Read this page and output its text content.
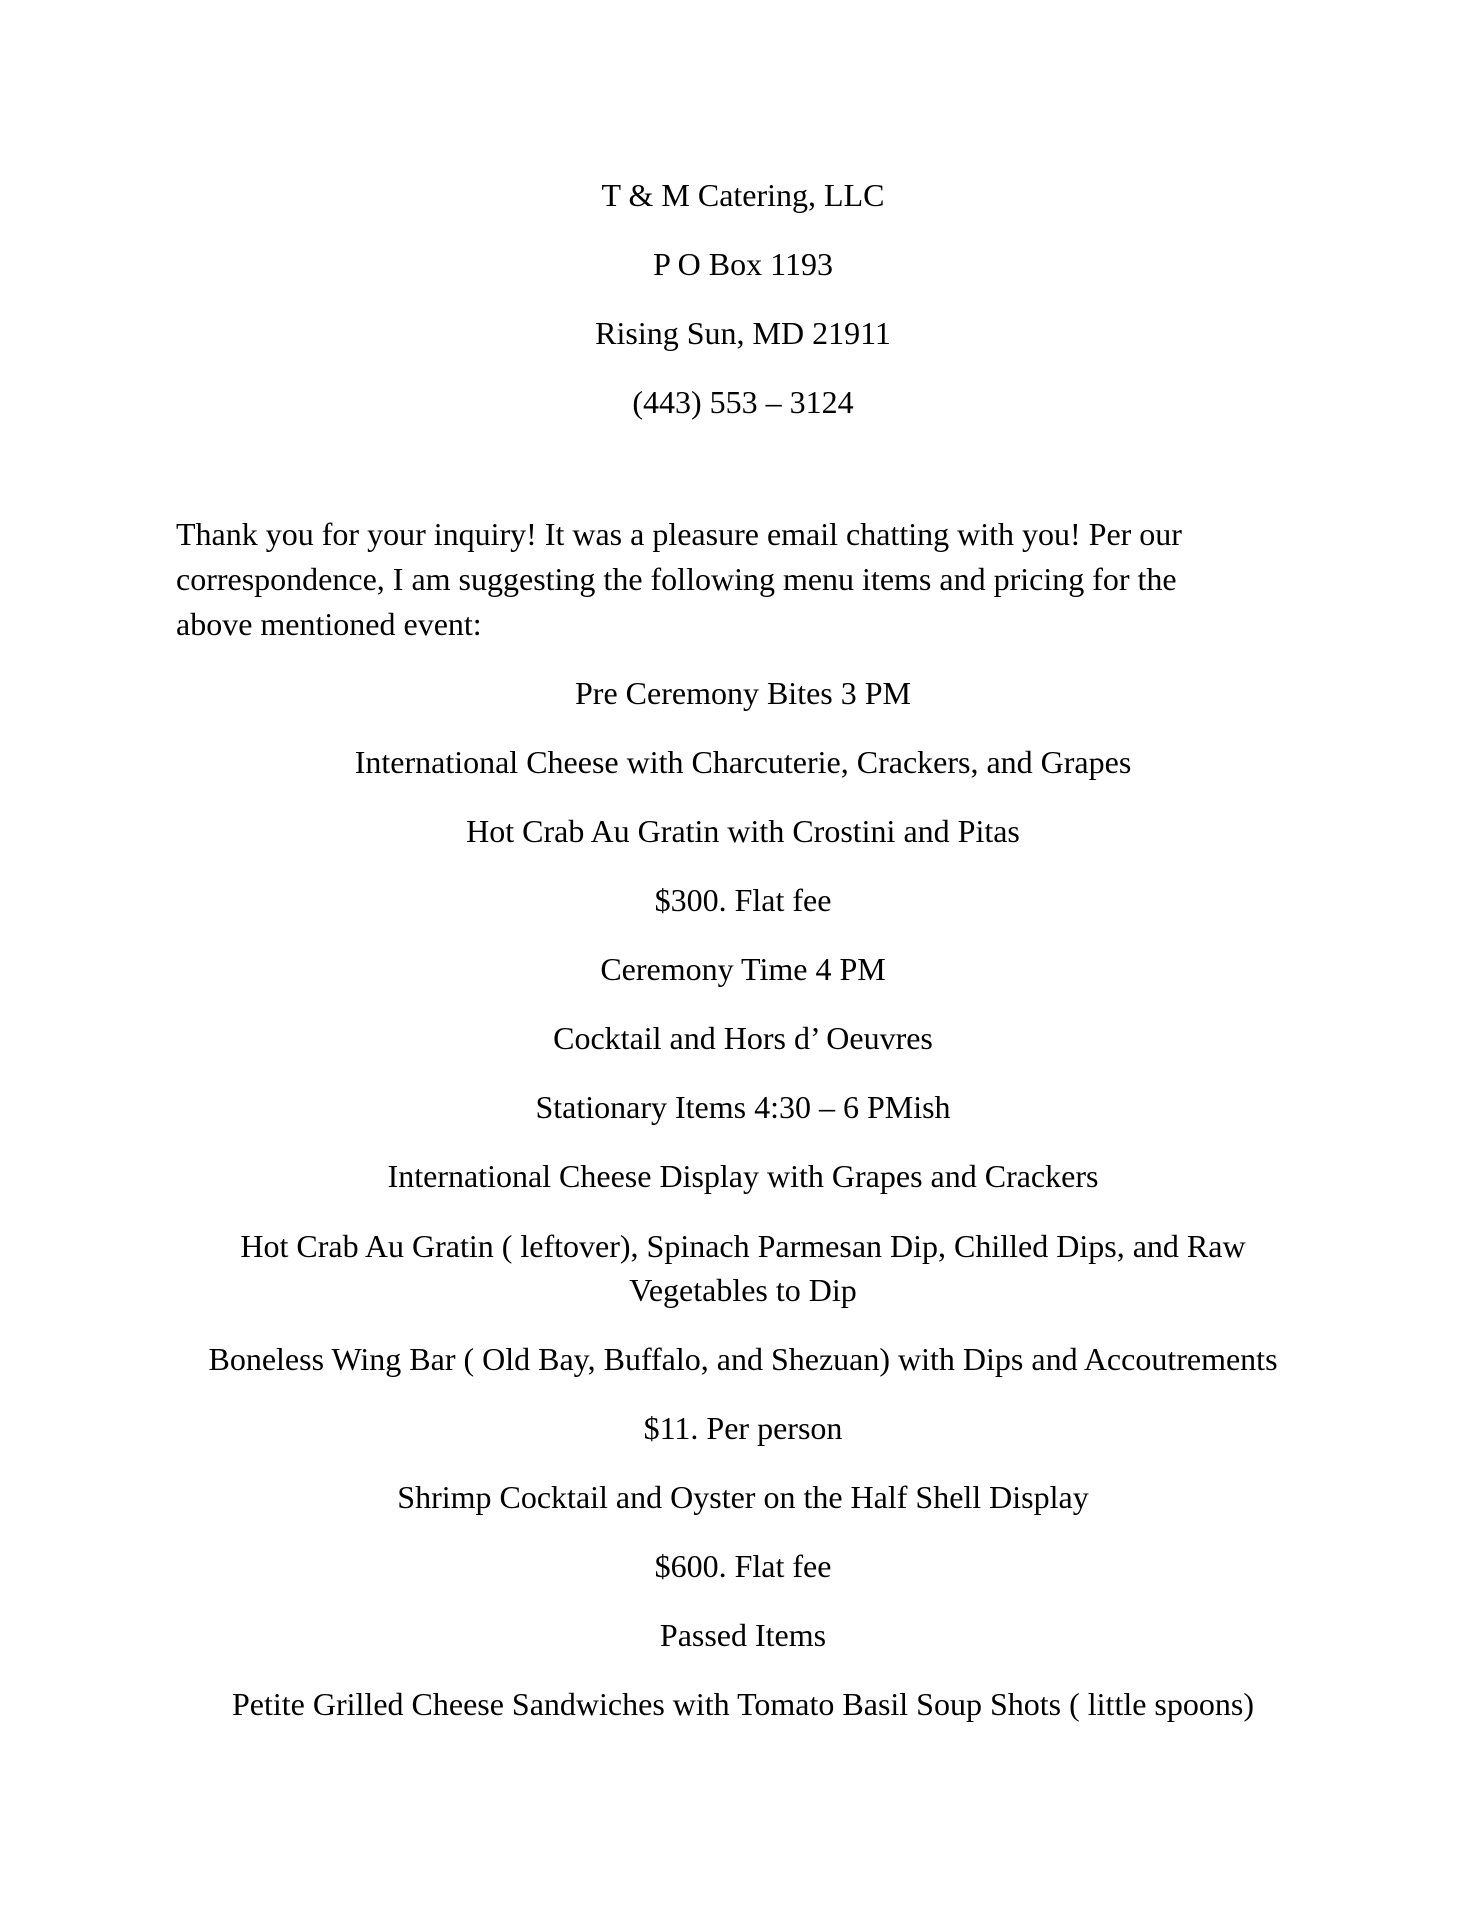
T & M Catering, LLC
P O Box 1193
Rising Sun, MD 21911
(443) 553 – 3124
Thank you for your inquiry! It was a pleasure email chatting with you! Per our
correspondence, I am suggesting the following menu items and pricing for the
above mentioned event:
Pre Ceremony Bites 3 PM
International Cheese with Charcuterie, Crackers, and Grapes
Hot Crab Au Gratin with Crostini and Pitas
$300. Flat fee
Ceremony Time 4 PM
Cocktail and Hors d’ Oeuvres
Stationary Items 4:30 – 6 PMish
International Cheese Display with Grapes and Crackers
Hot Crab Au Gratin ( leftover), Spinach Parmesan Dip, Chilled Dips, and Raw
Vegetables to Dip
Boneless Wing Bar ( Old Bay, Buffalo, and Shezuan) with Dips and Accoutrements
$11. Per person
Shrimp Cocktail and Oyster on the Half Shell Display
$600. Flat fee
Passed Items
Petite Grilled Cheese Sandwiches with Tomato Basil Soup Shots ( little spoons)
